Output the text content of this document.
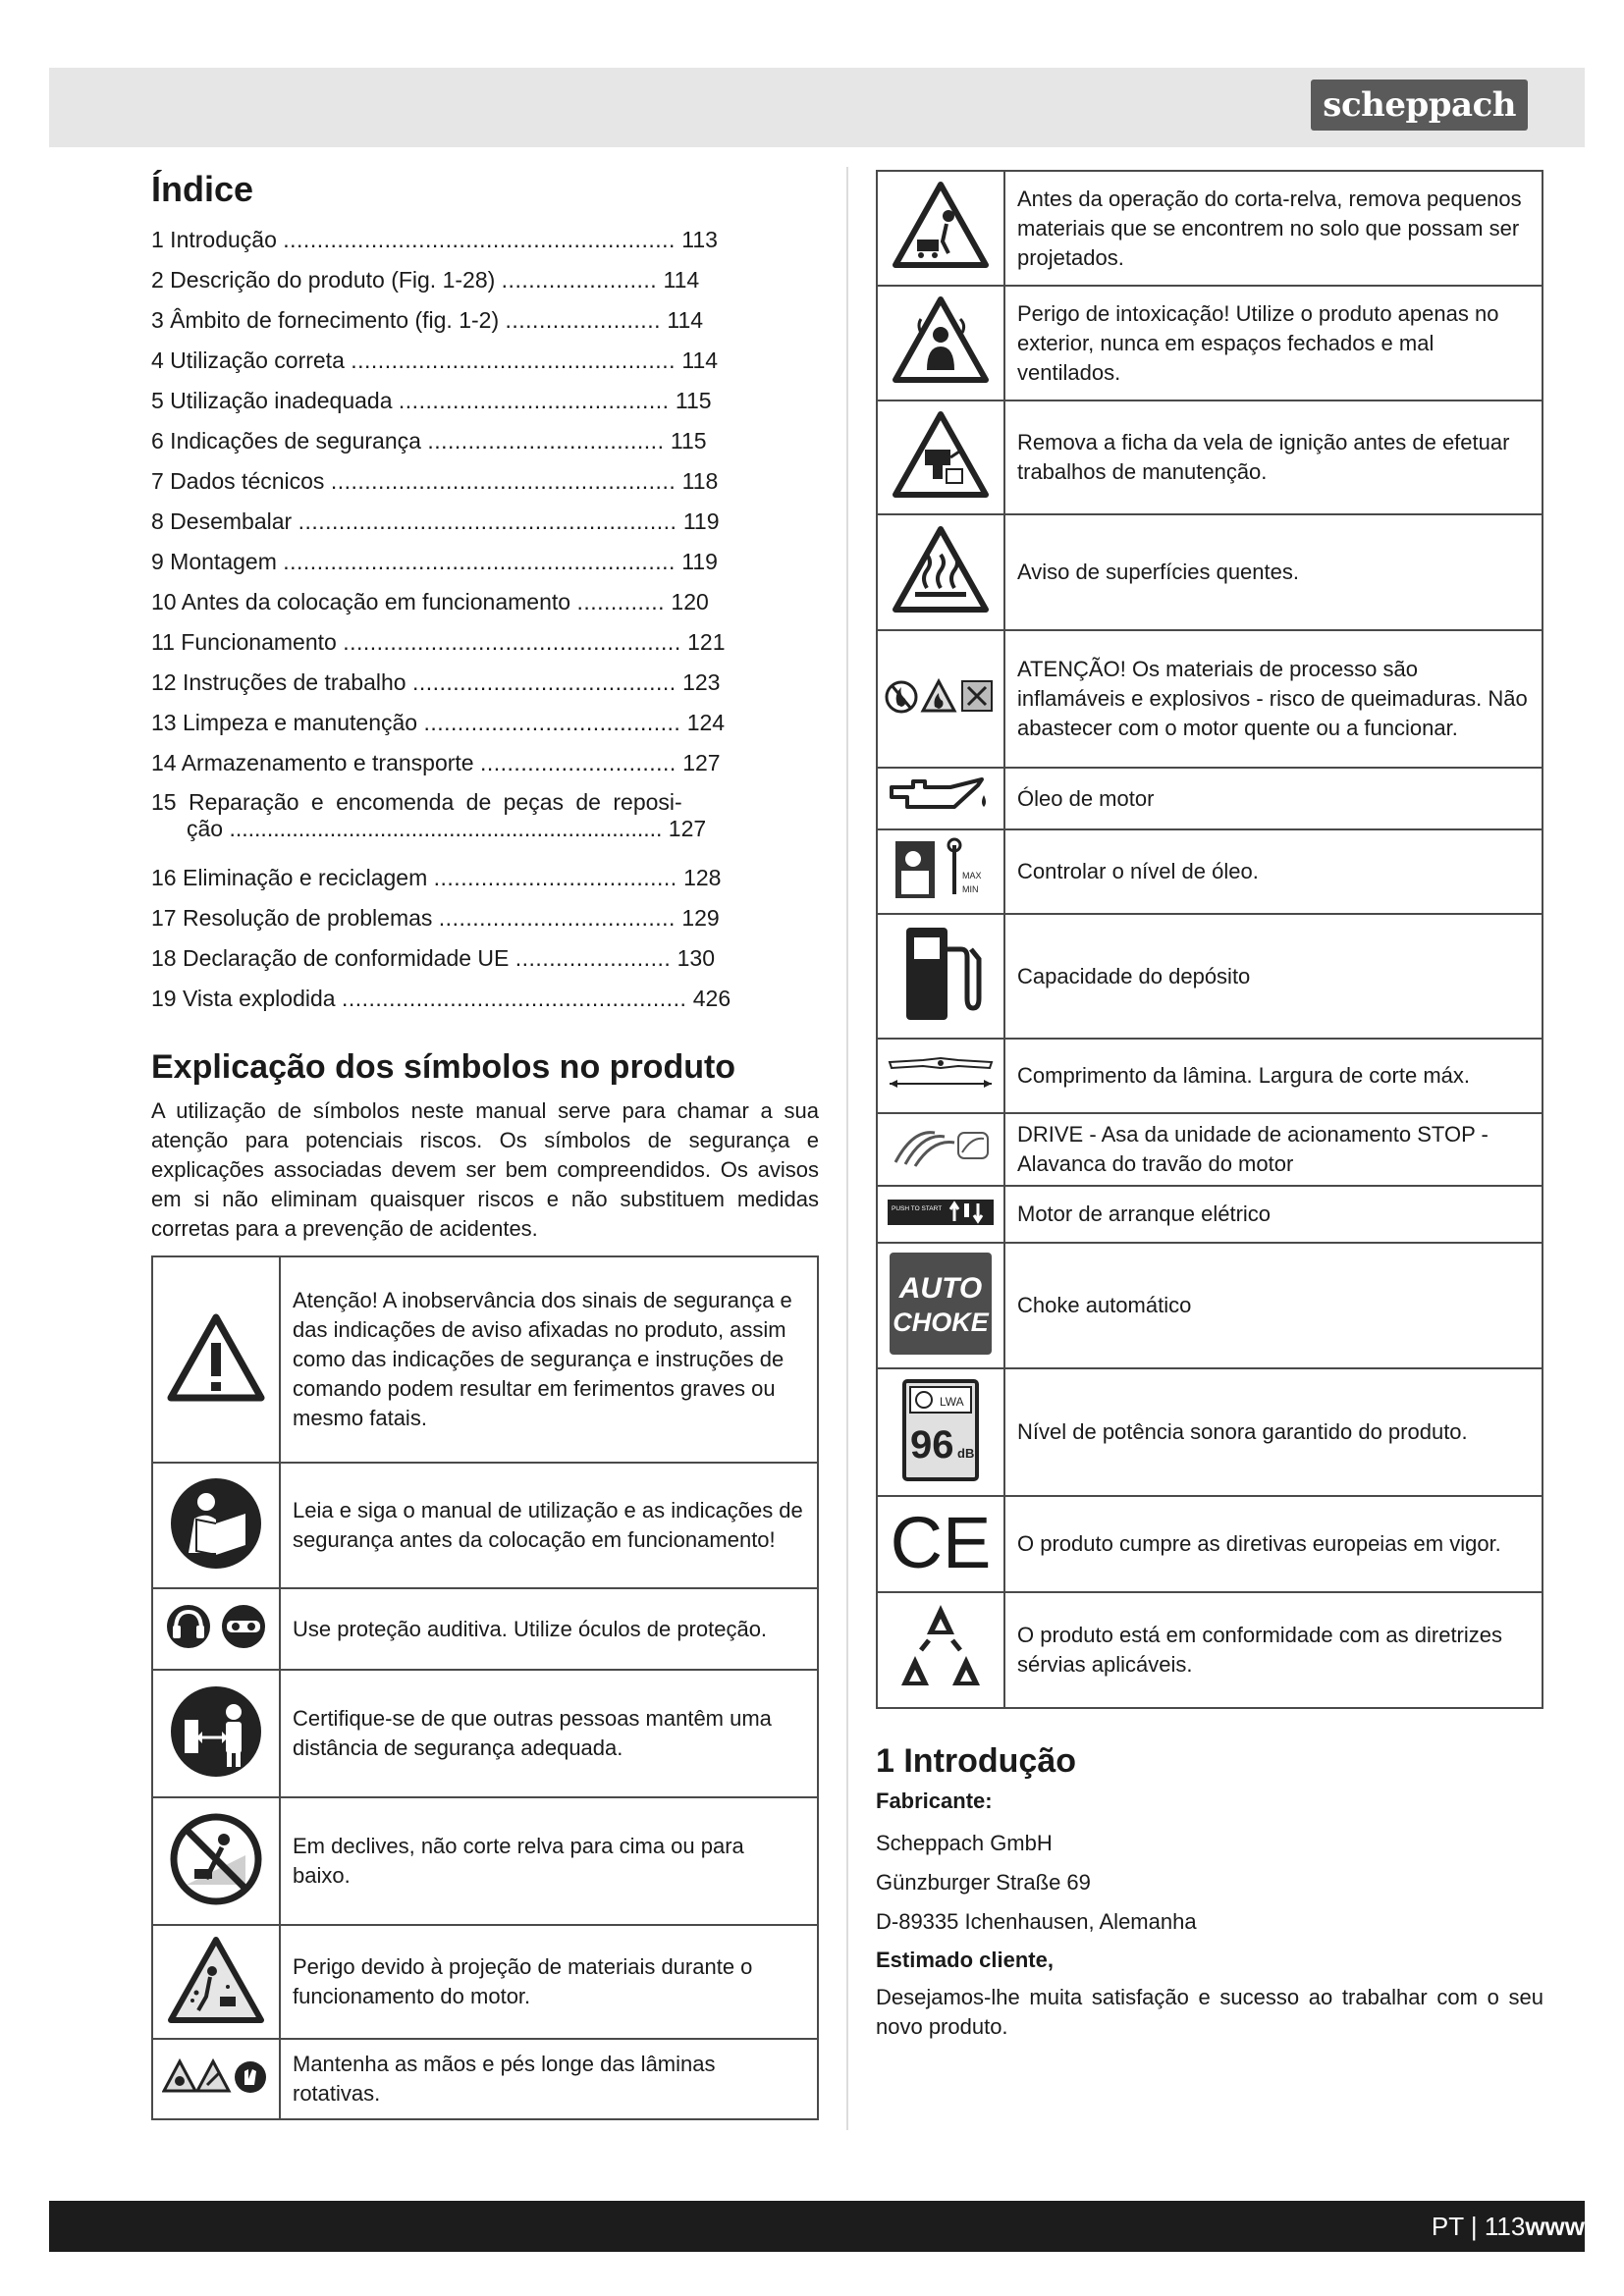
scheppach
Índice
1 Introdução .......................................................... 113
2 Descrição do produto (Fig. 1-28) ....................... 114
3 Âmbito de fornecimento (fig. 1-2) ....................... 114
4 Utilização correta ................................................ 114
5 Utilização inadequada ........................................ 115
6 Indicações de segurança ................................... 115
7 Dados técnicos ................................................... 118
8 Desembalar ........................................................ 119
9 Montagem .......................................................... 119
10 Antes da colocação em funcionamento ............. 120
11 Funcionamento .................................................. 121
12 Instruções de trabalho ....................................... 123
13 Limpeza e manutenção ...................................... 124
14 Armazenamento e transporte ............................. 127
15 Reparação e encomenda de peças de reposi-
ção ..................................................................... 127
16 Eliminação e reciclagem .................................... 128
17 Resolução de problemas ................................... 129
18 Declaração de conformidade UE ....................... 130
19 Vista explodida ................................................... 426
Explicação dos símbolos no produto

A utilização de símbolos neste manual serve para chamar a sua atenção para potenciais riscos. Os símbolos de segurança e explicações associadas devem ser bem compreendidos. Os avisos em si não eliminam quaisquer riscos e não substituem medidas corretas para a prevenção de acidentes.

	Atenção! A inobservância dos sinais de segurança e das indicações de aviso afixadas no produto, assim como das indicações de segurança e instruções de comando podem resultar em ferimentos graves ou mesmo fatais.
	Leia e siga o manual de utilização e as indicações de segurança antes da colocação em funcionamento!
	Use proteção auditiva. Utilize óculos de proteção.
	Certifique-se de que outras pessoas mantêm uma distância de segurança adequada.
	Em declives, não corte relva para cima ou para baixo.
	Perigo devido à projeção de materiais durante o funcionamento do motor.
	Mantenha as mãos e pés longe das lâminas rotativas.
	Antes da operação do corta-relva, remova pequenos materiais que se encontrem no solo que possam ser projetados.
	Perigo de intoxicação! Utilize o produto apenas no exterior, nunca em espaços fechados e mal ventilados.
	Remova a ficha da vela de ignição antes de efetuar trabalhos de manutenção.
	Aviso de superfícies quentes.
	ATENÇÃO! Os materiais de processo são inflamáveis e explosivos - risco de queimaduras. Não abastecer com o motor quente ou a funcionar.
	Óleo de motor

MAX
MIN	Controlar o nível de óleo.
	Capacidade do depósito
	Comprimento da lâmina. Largura de corte máx.
	DRIVE - Asa da unidade de acionamento STOP - Alavanca do travão do motor

PUSH TO START	Motor de arranque elétrico

AUTO
CHOKE	Choke automático

LWA
96 dB	Nível de potência sonora garantido do produto.

CE	O produto cumpre as diretivas europeias em vigor.
	O produto está em conformidade com as diretrizes sérvias aplicáveis.
1 Introdução
Fabricante:
Scheppach GmbH
Günzburger Straße 69
D-89335 Ichenhausen, Alemanha
Estimado cliente,
Desejamos-lhe muita satisfação e sucesso ao trabalhar com o seu novo produto.
PT | 113www
